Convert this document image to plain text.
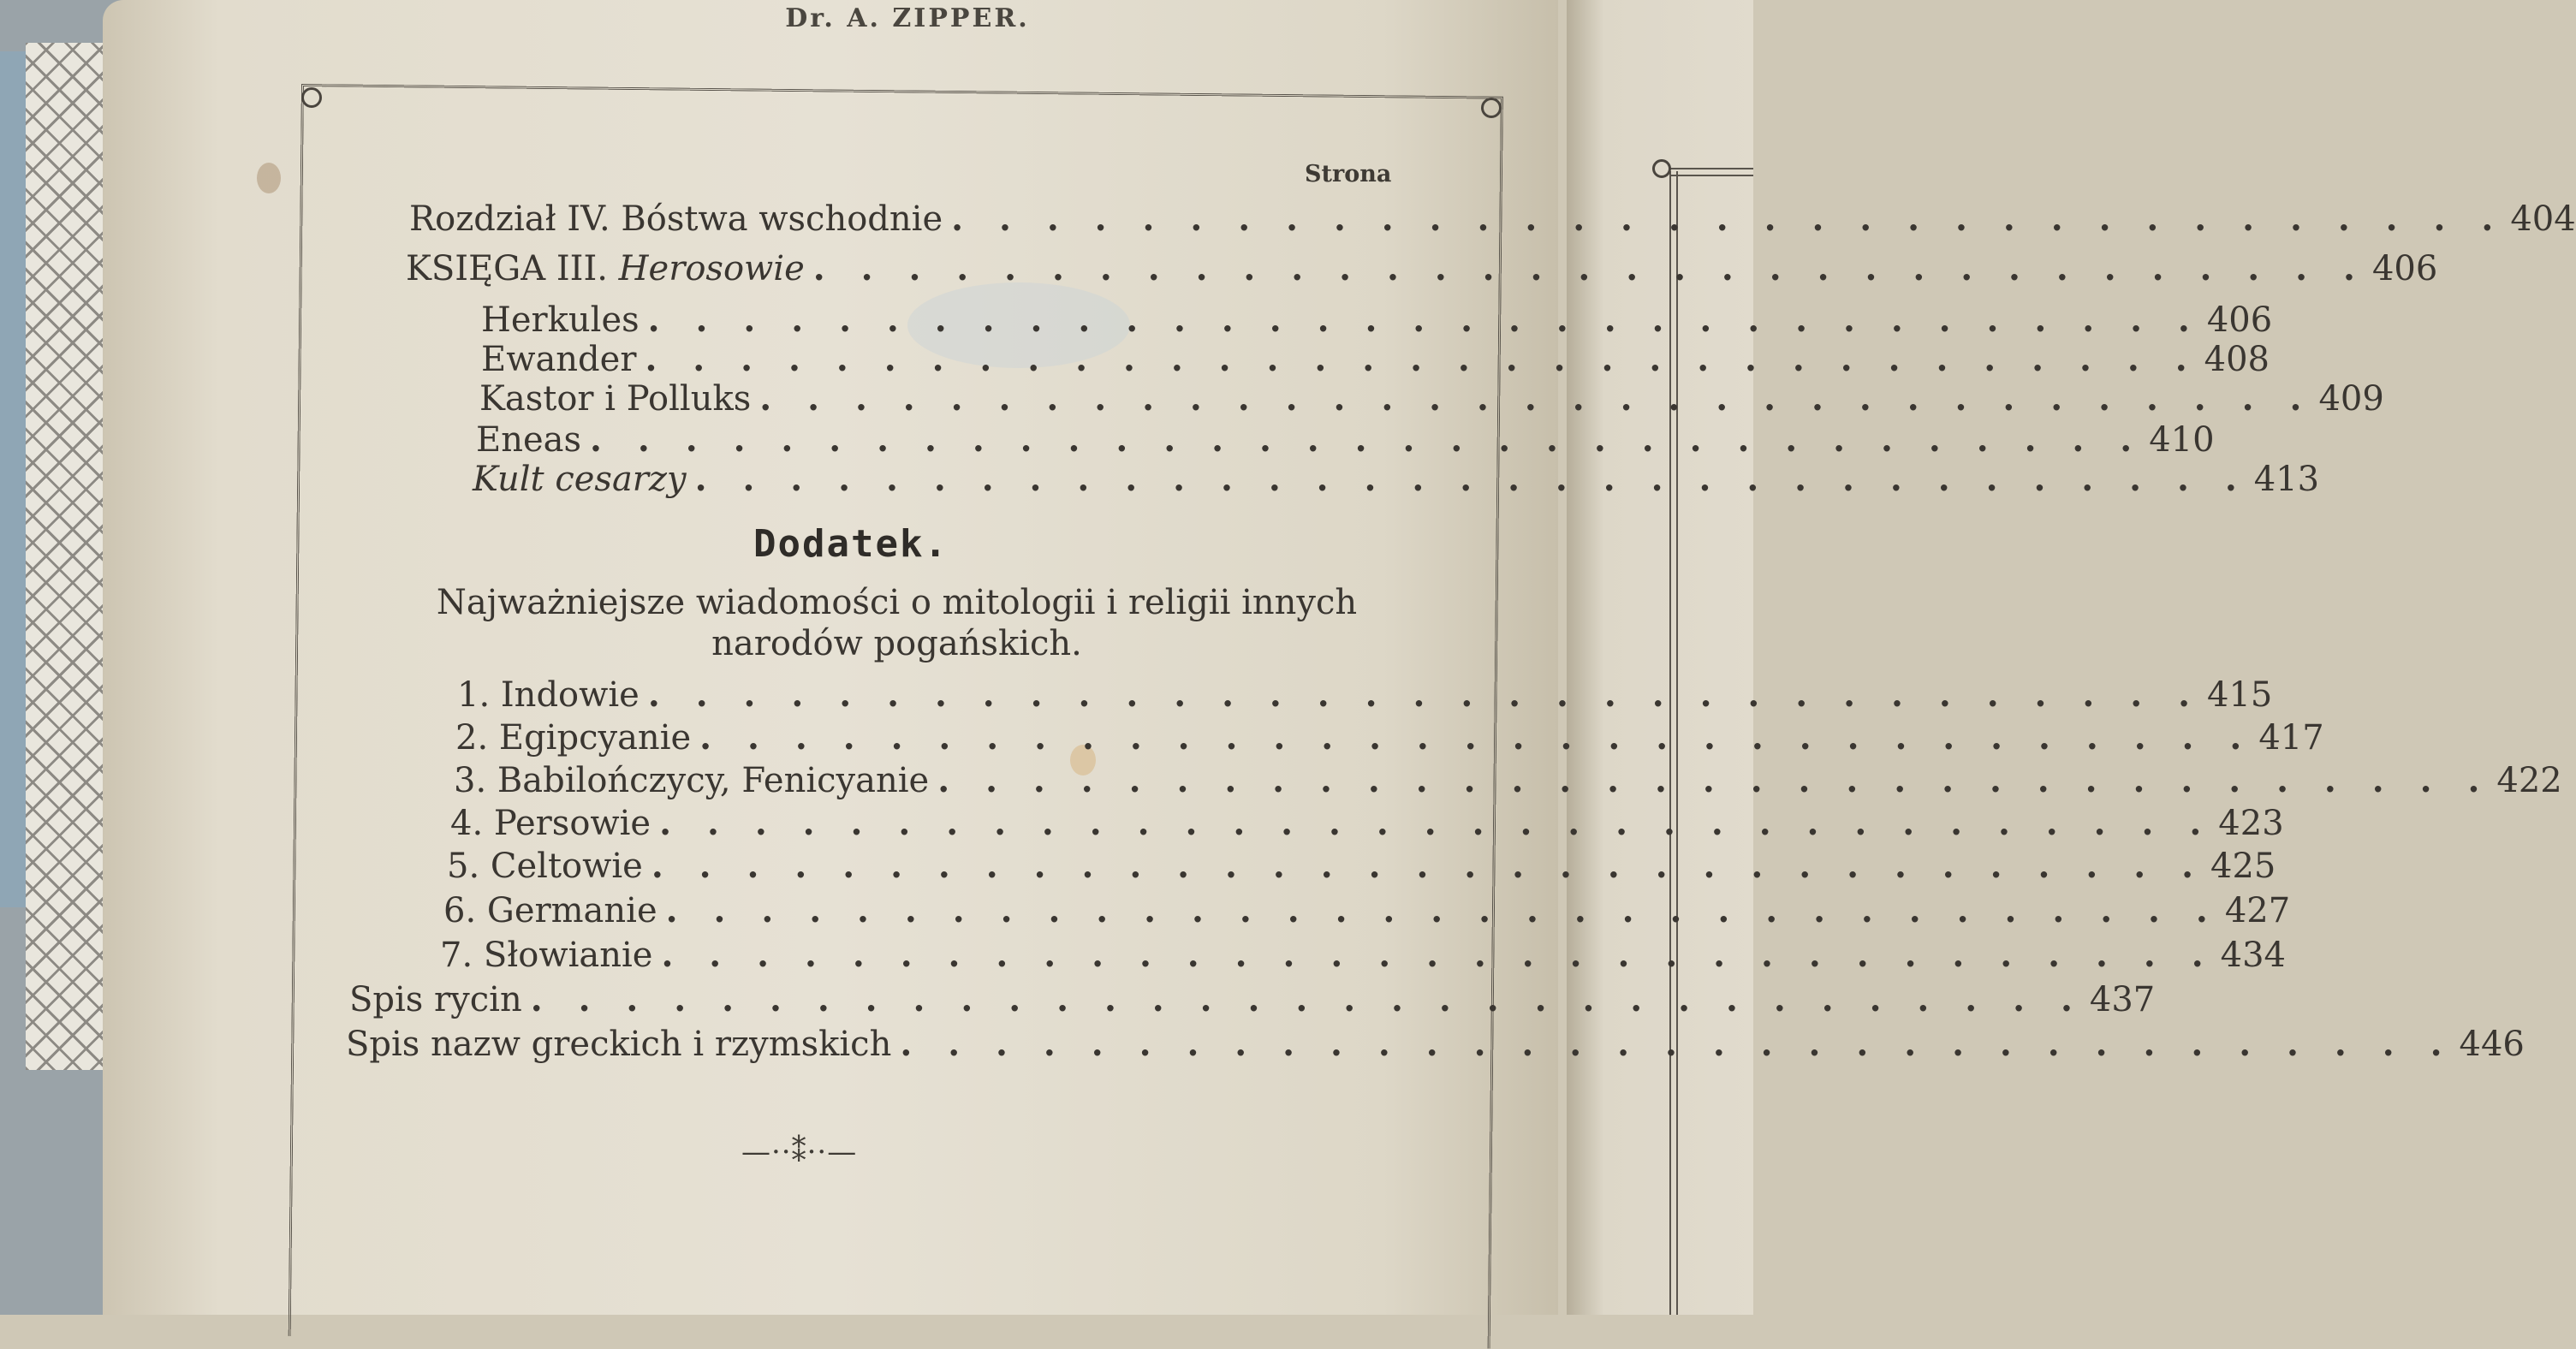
Dr. A. ZIPPER.
Strona
Rozdział IV. Bóstwa wschodnie . . . . . . . . . . . . . . . . . . . . . . . . . . . . . . . . . 404
KSIĘGA III. Herosowie . . . . . . . . . . . . . . . . . . . . . . . . . . . . . . . . . 406
Herkules . . . . . . . . . . . . . . . . . . . . . . . . . . . . . . . . . 406
Ewander . . . . . . . . . . . . . . . . . . . . . . . . . . . . . . . . . 408
Kastor i Polluks . . . . . . . . . . . . . . . . . . . . . . . . . . . . . . . . . 409
Eneas . . . . . . . . . . . . . . . . . . . . . . . . . . . . . . . . . 410
Kult cesarzy . . . . . . . . . . . . . . . . . . . . . . . . . . . . . . . . . 413
Dodatek.
Najważniejsze wiadomości o mitologii i religii innych narodów pogańskich.
1. Indowie . . . . . . . . . . . . . . . . . . . . . . . . . . . . . . . . . 415
2. Egipcyanie . . . . . . . . . . . . . . . . . . . . . . . . . . . . . . . . . 417
3. Babilończycy, Fenicyanie . . . . . . . . . . . . . . . . . . . . . . . . . . . . . . . . . 422
4. Persowie . . . . . . . . . . . . . . . . . . . . . . . . . . . . . . . . . 423
5. Celtowie . . . . . . . . . . . . . . . . . . . . . . . . . . . . . . . . . 425
6. Germanie . . . . . . . . . . . . . . . . . . . . . . . . . . . . . . . . . 427
7. Słowianie . . . . . . . . . . . . . . . . . . . . . . . . . . . . . . . . . 434
Spis rycin . . . . . . . . . . . . . . . . . . . . . . . . . . . . . . . . . 437
Spis nazw greckich i rzymskich . . . . . . . . . . . . . . . . . . . . . . . . . . . . . . . . . 446
—··⁑··—
